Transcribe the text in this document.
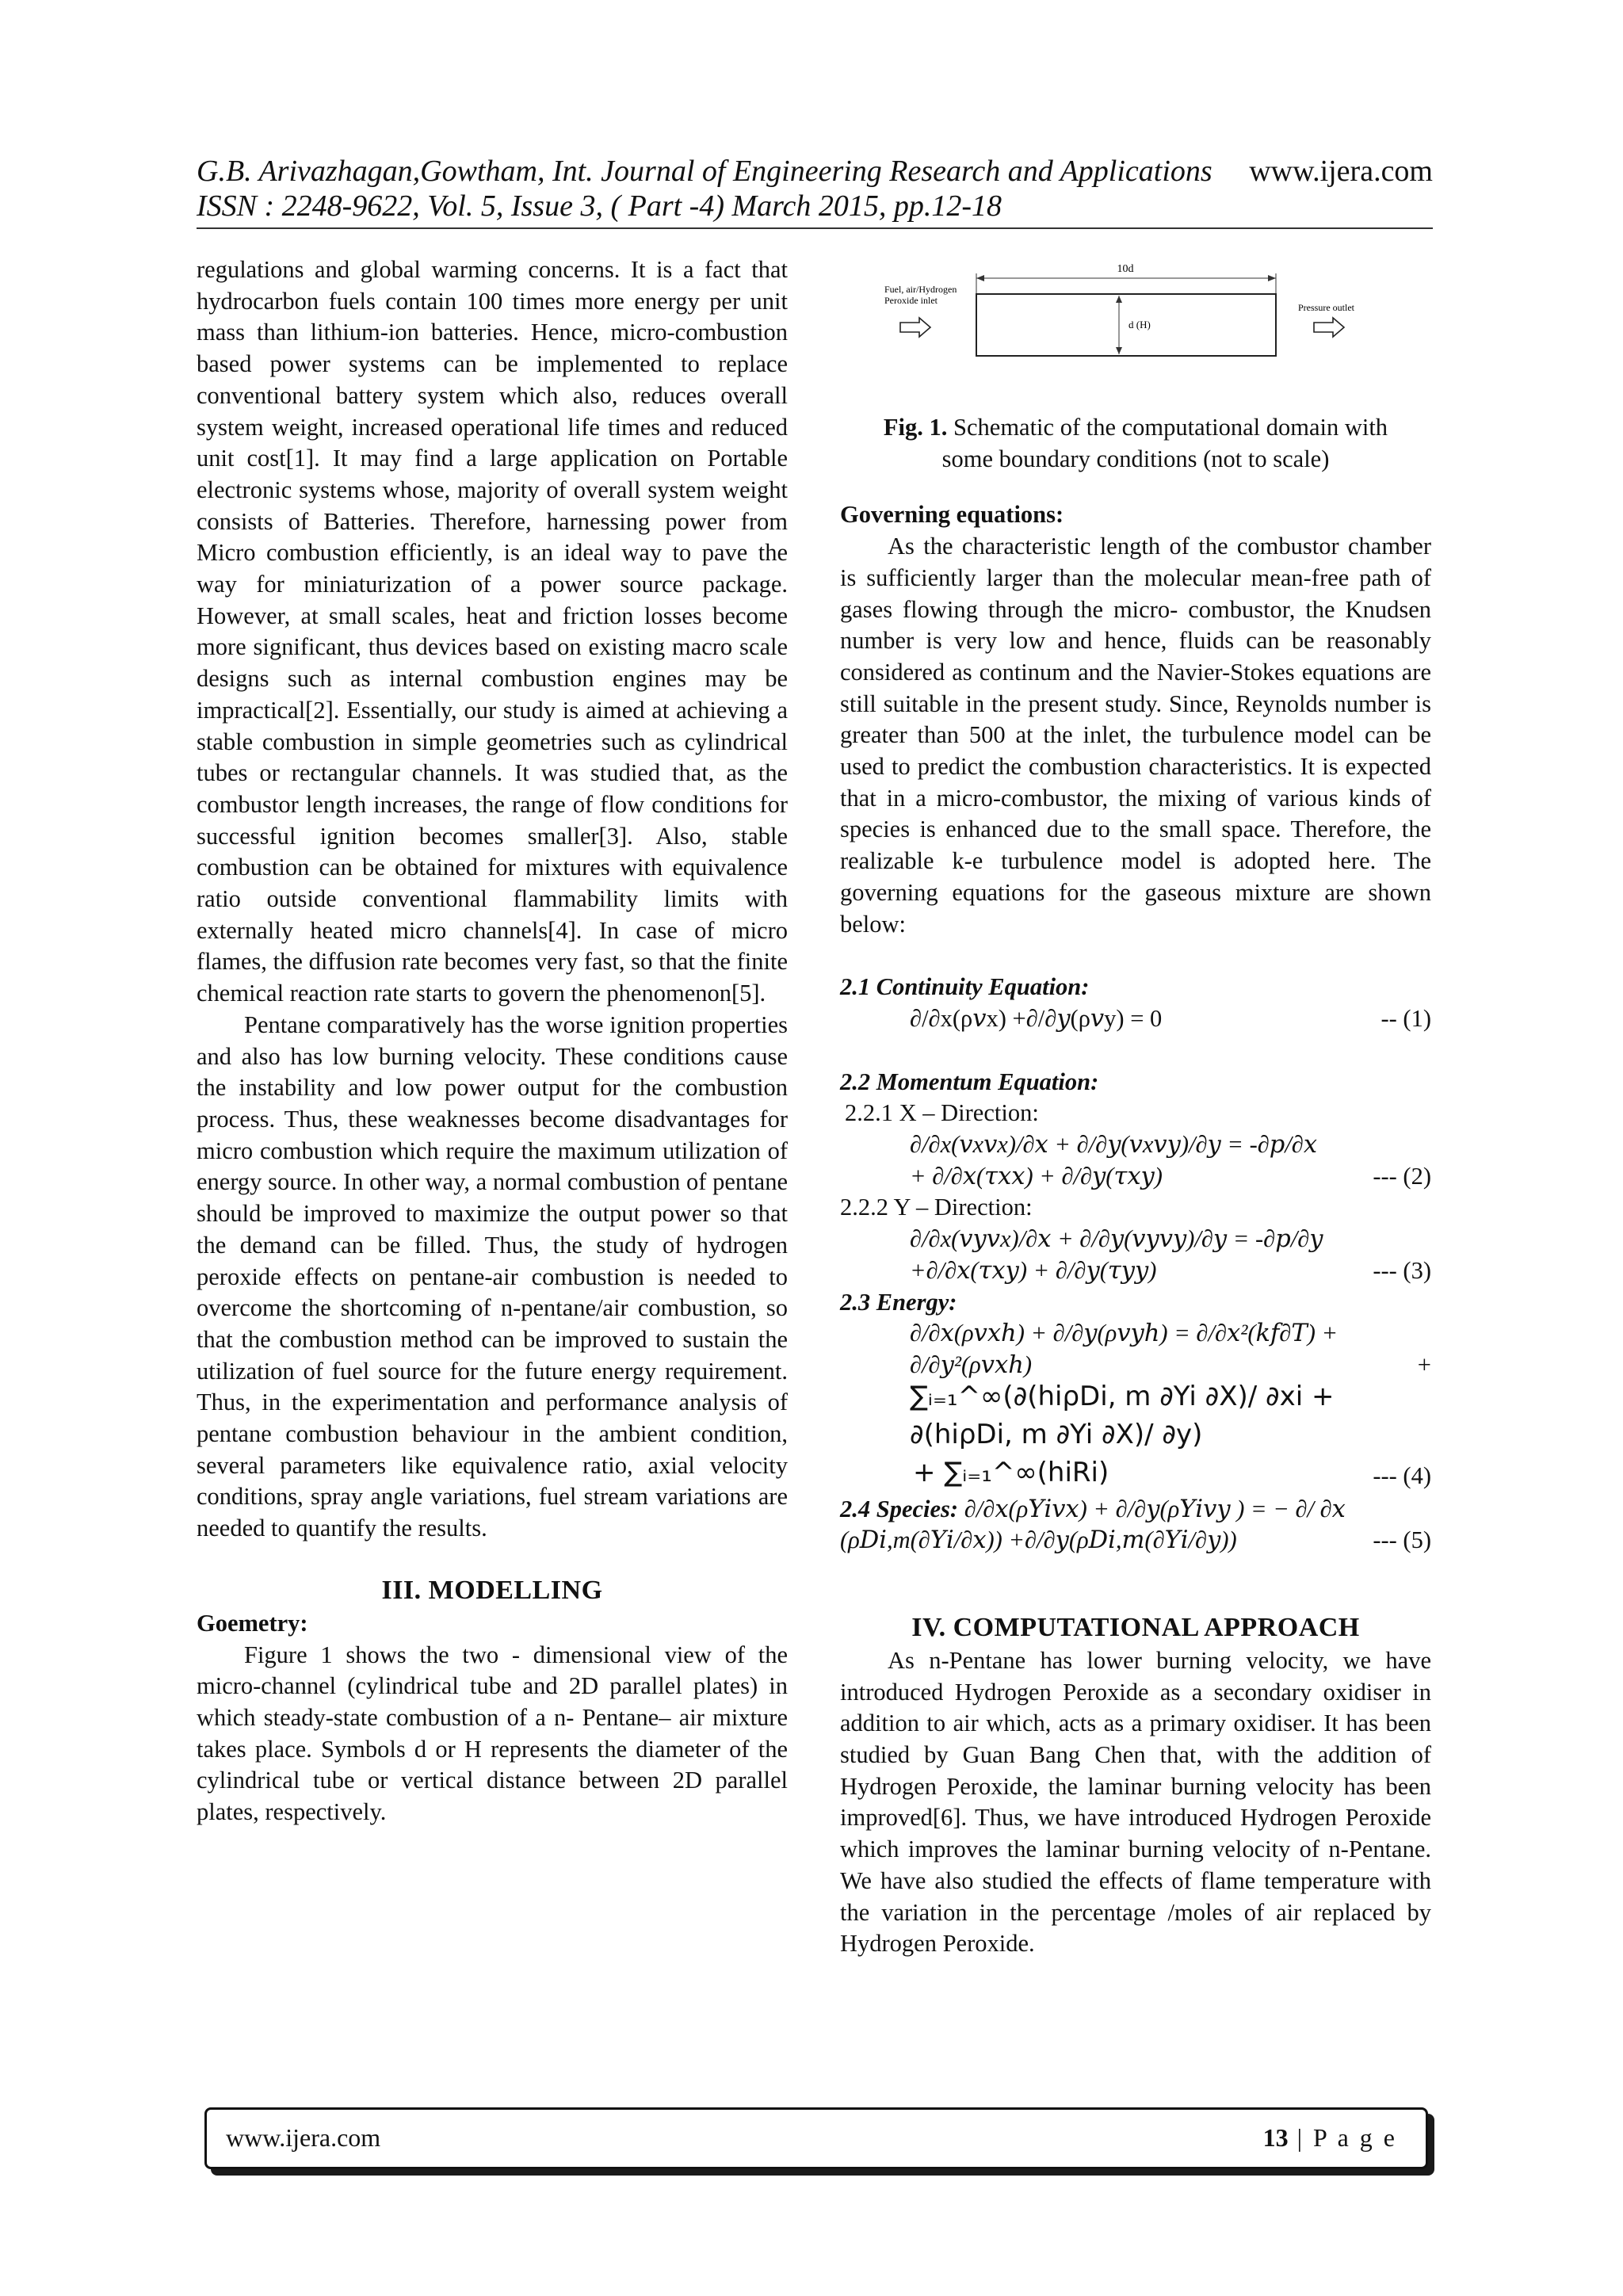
G.B. Arivazhagan,Gowtham, Int. Journal of Engineering Research and Applications www.ijera.com
ISSN : 2248-9622, Vol. 5, Issue 3, ( Part -4) March 2015, pp.12-18

regulations and global warming concerns. It is a fact that hydrocarbon fuels contain 100 times more energy per unit mass than lithium-ion batteries. Hence, micro-combustion based power systems can be implemented to replace conventional battery system which also, reduces overall system weight, increased operational life times and reduced unit cost[1]. It may find a large application on Portable electronic systems whose, majority of overall system weight consists of Batteries. Therefore, harnessing power from Micro combustion efficiently, is an ideal way to pave the way for miniaturization of a power source package. However, at small scales, heat and friction losses become more significant, thus devices based on existing macro scale designs such as internal combustion engines may be impractical[2]. Essentially, our study is aimed at achieving a stable combustion in simple geometries such as cylindrical tubes or rectangular channels. It was studied that, as the combustor length increases, the range of flow conditions for successful ignition becomes smaller[3]. Also, stable combustion can be obtained for mixtures with equivalence ratio outside conventional flammability limits with externally heated micro channels[4]. In case of micro flames, the diffusion rate becomes very fast, so that the finite chemical reaction rate starts to govern the phenomenon[5].

Pentane comparatively has the worse ignition properties and also has low burning velocity. These conditions cause the instability and low power output for the combustion process. Thus, these weaknesses become disadvantages for micro combustion which require the maximum utilization of energy source. In other way, a normal combustion of pentane should be improved to maximize the output power so that the demand can be filled. Thus, the study of hydrogen peroxide effects on pentane-air combustion is needed to overcome the shortcoming of n-pentane/air combustion, so that the combustion method can be improved to sustain the utilization of fuel source for the future energy requirement. Thus, in the experimentation and performance analysis of pentane combustion behaviour in the ambient condition, several parameters like equivalence ratio, axial velocity conditions, spray angle variations, fuel stream variations are needed to quantify the results.

III. MODELLING
Goemetry:

Figure 1 shows the two - dimensional view of the micro-channel (cylindrical tube and 2D parallel plates) in which steady-state combustion of a n- Pentane– air mixture takes place. Symbols d or H represents the diameter of the cylindrical tube or vertical distance between 2D parallel plates, respectively.

10d
d (H)
Fuel, air/Hydrogen
Peroxide inlet
Pressure outlet
Fig. 1. Schematic of the computational domain with
some boundary conditions (not to scale)
Governing equations:

As the characteristic length of the combustor chamber is sufficiently larger than the molecular mean-free path of gases flowing through the micro- combustor, the Knudsen number is very low and hence, fluids can be reasonably considered as continum and the Navier-Stokes equations are still suitable in the present study. Since, Reynolds number is greater than 500 at the inlet, the turbulence model can be used to predict the combustion characteristics. It is expected that in a micro-combustor, the mixing of various kinds of species is enhanced due to the small space. Therefore, the realizable k-e turbulence model is adopted here. The governing equations for the gaseous mixture are shown below:

2.1 Continuity Equation:
∂/∂x(ρ𝑣x) +∂/∂𝑦(ρ𝑣y) = 0	-- (1)
2.2 Momentum Equation:
2.2.1 X – Direction:
∂/∂x(𝑣x𝑣x)/∂𝑥 + ∂/∂𝑦(𝑣x𝑣𝑦)/∂𝑦 = -∂𝑝/∂𝑥
+ ∂/∂𝑥(𝜏𝑥𝑥) + ∂/∂𝑦(𝜏𝑥𝑦)	--- (2)
2.2.2 Y – Direction:
∂/∂x(𝑣𝑦𝑣x)/∂𝑥 + ∂/∂𝑦(𝑣𝑦𝑣𝑦)/∂𝑦 = -∂𝑝/∂𝑦
+∂/∂𝑥(𝜏𝑥𝑦) + ∂/∂𝑦(𝜏𝑦𝑦)	--- (3)
2.3 Energy:
∂/∂𝑥(ρ𝑣𝑥ℎ) + ∂/∂𝑦(ρ𝑣𝑦ℎ) = ∂/∂𝑥²(𝑘𝑓∂𝑇) +
∂/∂𝑦²(ρ𝑣𝑥ℎ)	+
∑ᵢ₌₁^∞(∂(hiρDi, m ∂Yi ∂X)/ ∂xi +
∂(hiρDi, m ∂Yi ∂X)/ ∂y)
+ ∑ᵢ₌₁^∞(hiRi)	--- (4)
2.4 Species: ∂/∂𝑥(ρ𝑌𝑖𝑣𝑥) + ∂/∂𝑦(ρ𝑌𝑖𝑣𝑦 ) = − ∂/ ∂𝑥
(ρ𝐷𝑖,m(∂𝑌𝑖/∂𝑥)) +∂/∂𝑦(ρ𝐷𝑖,𝑚(∂𝑌𝑖/∂𝑦))	--- (5)
IV. COMPUTATIONAL APPROACH

As n-Pentane has lower burning velocity, we have introduced Hydrogen Peroxide as a secondary oxidiser in addition to air which, acts as a primary oxidiser. It has been studied by Guan Bang Chen that, with the addition of Hydrogen Peroxide, the laminar burning velocity has been improved[6]. Thus, we have introduced Hydrogen Peroxide which improves the laminar burning velocity of n-Pentane. We have also studied the effects of flame temperature with the variation in the percentage /moles of air replaced by Hydrogen Peroxide.

www.ijera.com	13 | P a g e
